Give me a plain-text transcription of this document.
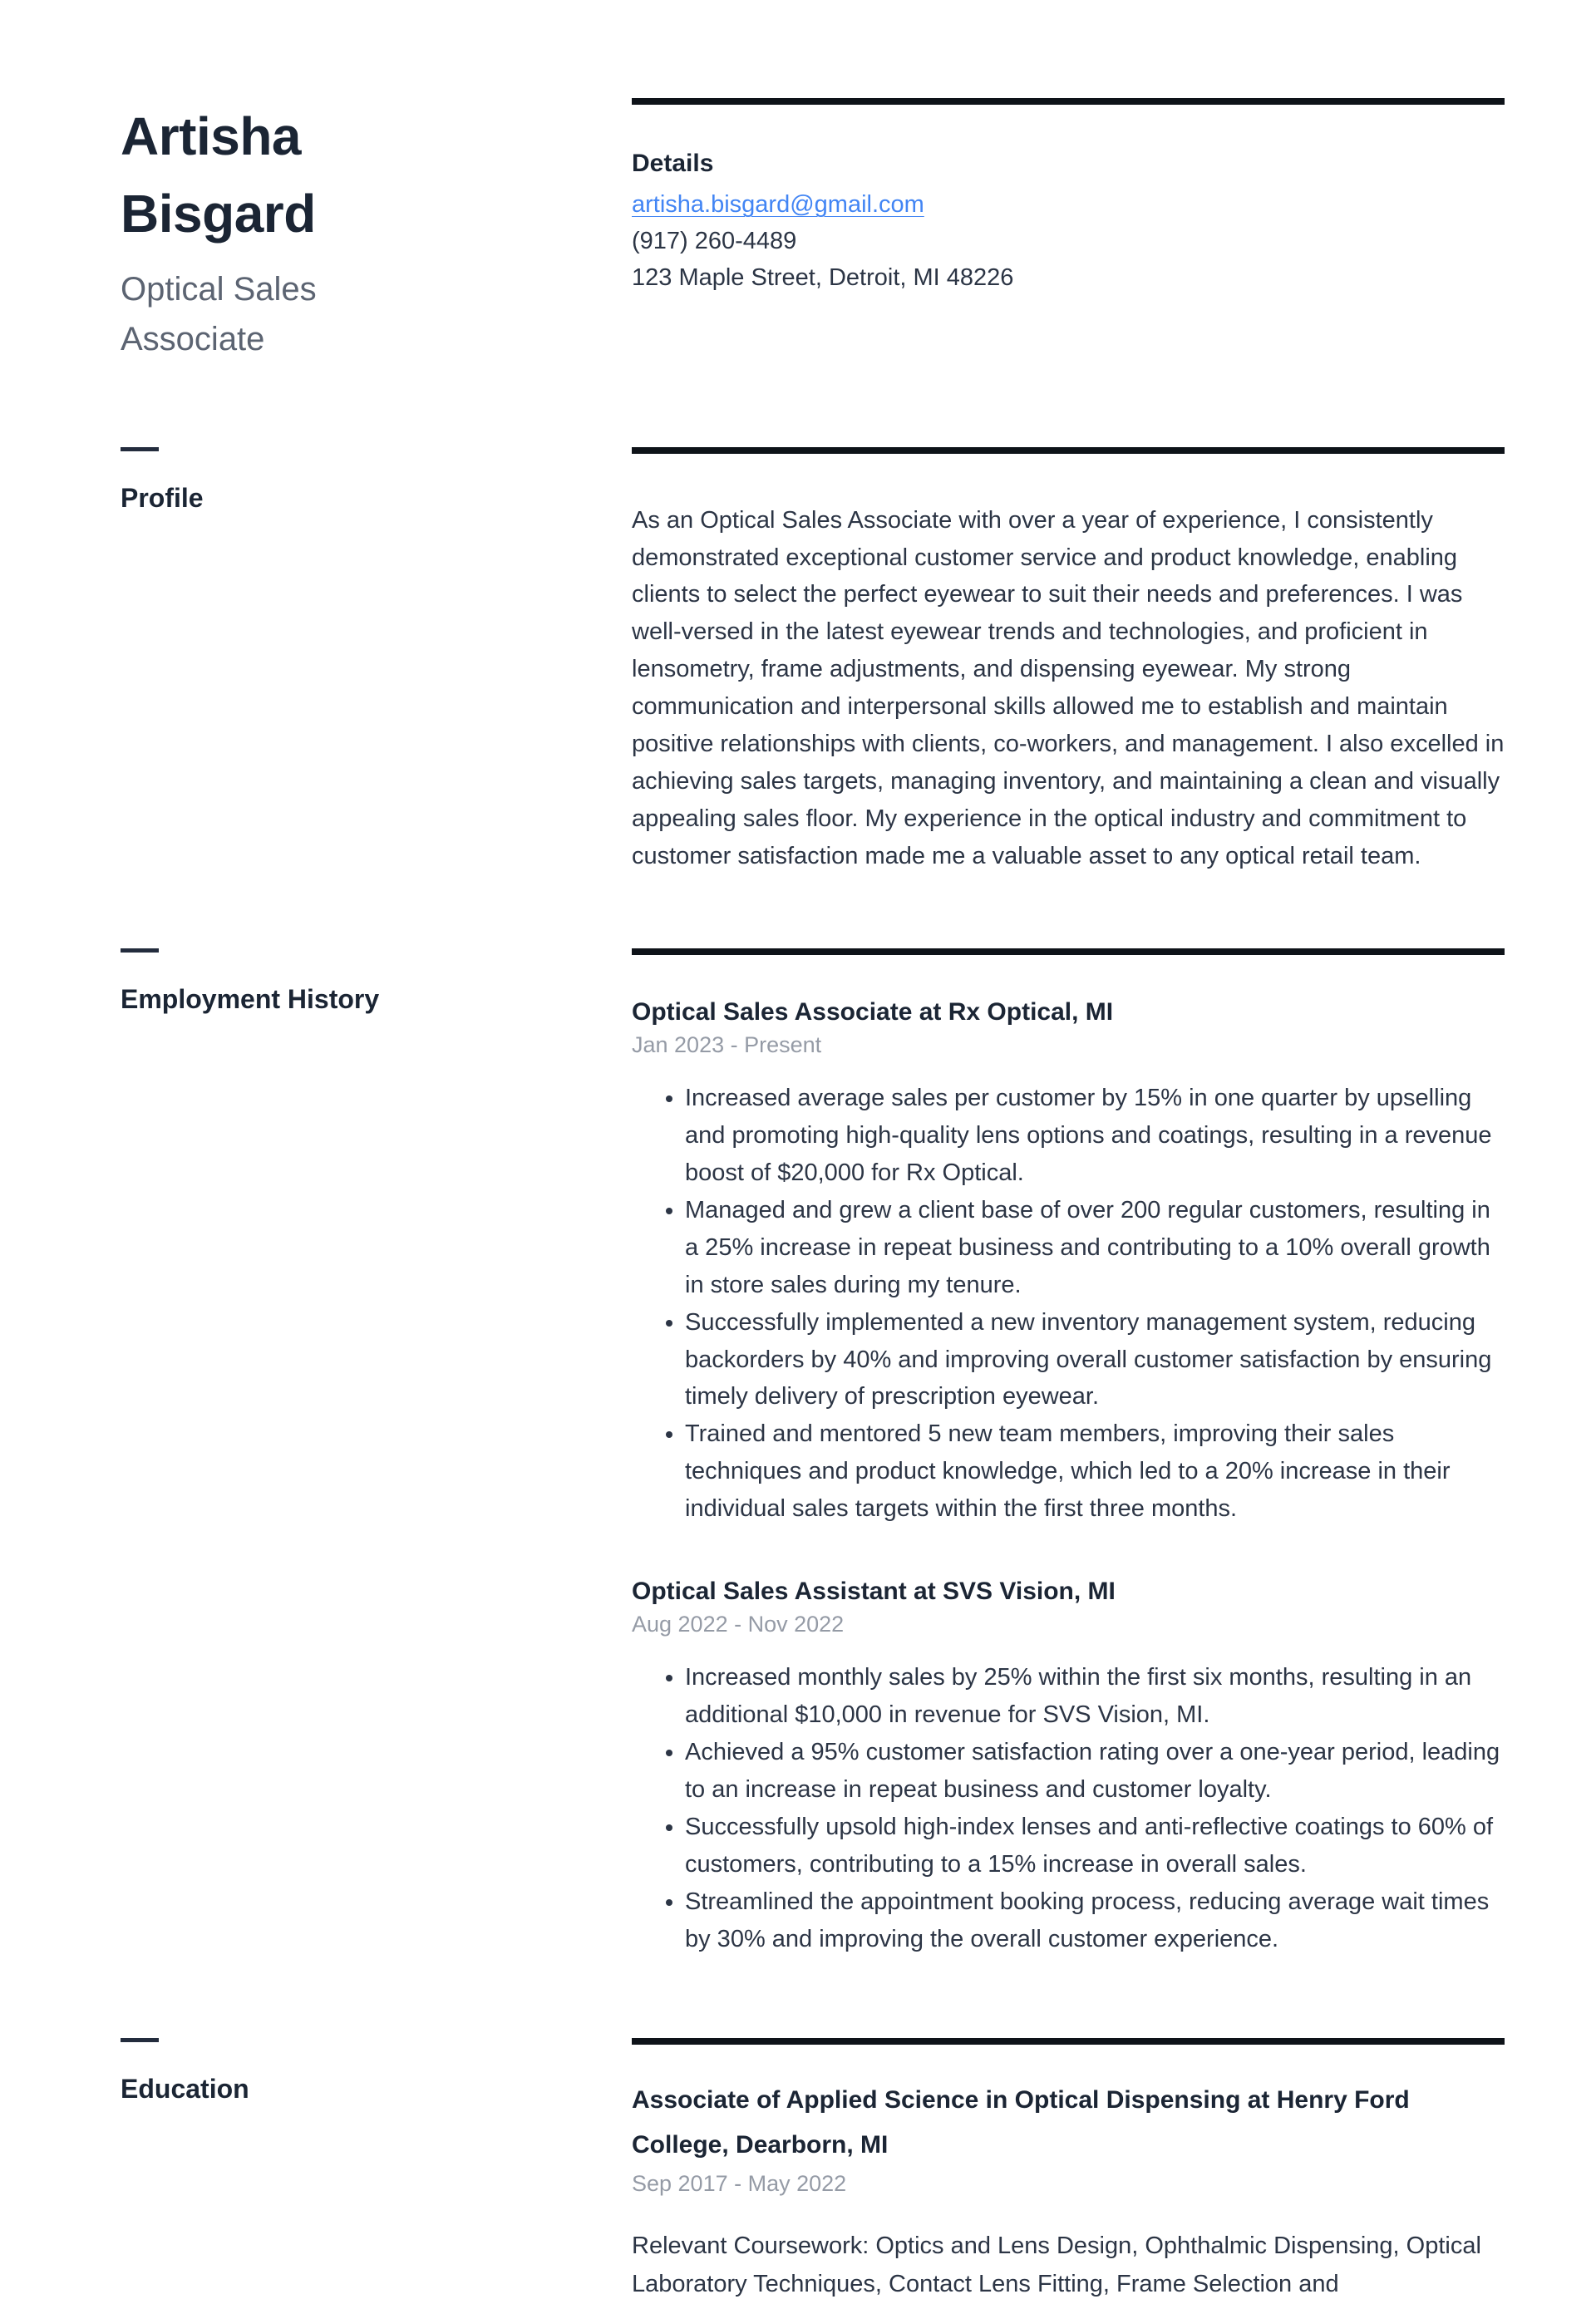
Artisha Bisgard
Optical Sales Associate
Details
artisha.bisgard@gmail.com
(917) 260-4489
123 Maple Street, Detroit, MI 48226
Profile

As an Optical Sales Associate with over a year of experience, I consistently demonstrated exceptional customer service and product knowledge, enabling clients to select the perfect eyewear to suit their needs and preferences. I was well-versed in the latest eyewear trends and technologies, and proficient in lensometry, frame adjustments, and dispensing eyewear. My strong communication and interpersonal skills allowed me to establish and maintain positive relationships with clients, co-workers, and management. I also excelled in achieving sales targets, managing inventory, and maintaining a clean and visually appealing sales floor. My experience in the optical industry and commitment to customer satisfaction made me a valuable asset to any optical retail team.

Employment History	Optical Sales Associate at Rx Optical, MI
Jan 2023 - Present
• Increased average sales per customer by 15% in one quarter by upselling and promoting high-quality lens options and coatings, resulting in a revenue boost of $20,000 for Rx Optical.
• Managed and grew a client base of over 200 regular customers, resulting in a 25% increase in repeat business and contributing to a 10% overall growth in store sales during my tenure.
• Successfully implemented a new inventory management system, reducing backorders by 40% and improving overall customer satisfaction by ensuring timely delivery of prescription eyewear.
• Trained and mentored 5 new team members, improving their sales techniques and product knowledge, which led to a 20% increase in their individual sales targets within the first three months.
Optical Sales Assistant at SVS Vision, MI
Aug 2022 - Nov 2022
• Increased monthly sales by 25% within the first six months, resulting in an additional $10,000 in revenue for SVS Vision, MI.
• Achieved a 95% customer satisfaction rating over a one-year period, leading to an increase in repeat business and customer loyalty.
• Successfully upsold high-index lenses and anti-reflective coatings to 60% of customers, contributing to a 15% increase in overall sales.
• Streamlined the appointment booking process, reducing average wait times by 30% and improving the overall customer experience.
Education	Associate of Applied Science in Optical Dispensing at Henry Ford College, Dearborn, MI
Sep 2017 - May 2022

Relevant Coursework: Optics and Lens Design, Ophthalmic Dispensing, Optical Laboratory Techniques, Contact Lens Fitting, Frame Selection and
